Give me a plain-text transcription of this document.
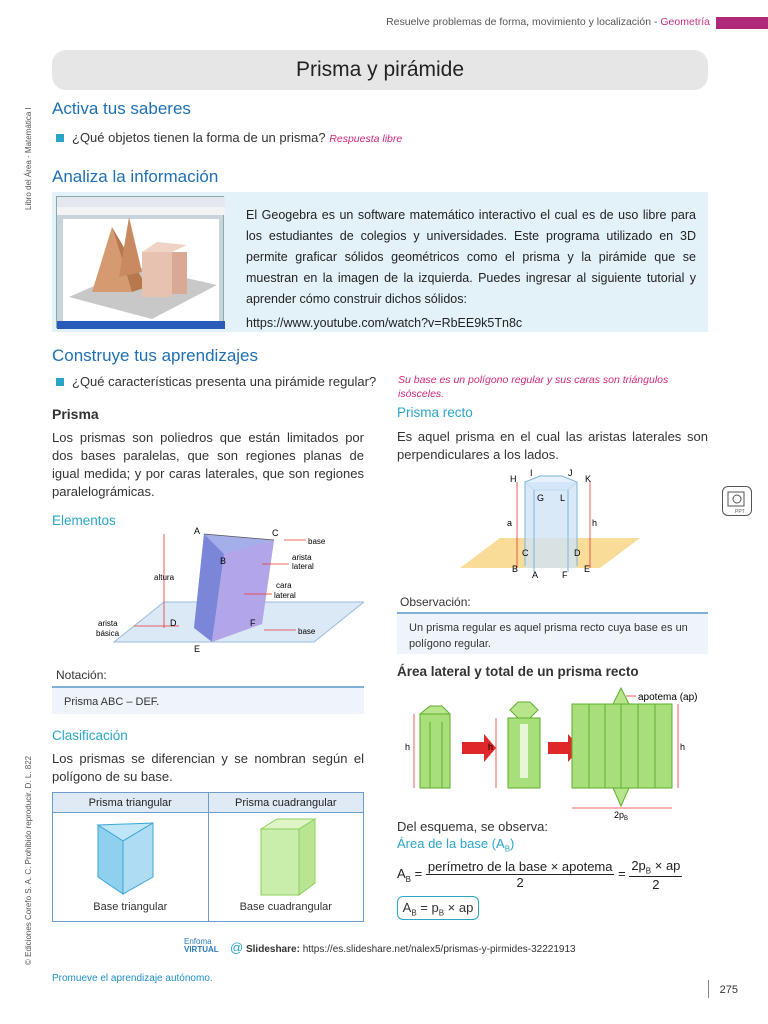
Resuelve problemas de forma, movimiento y localización - Geometría
Libro del Área - Matemática I
© Ediciones Corefo S. A. C. Prohibido reproducir. D. L. 822
Prisma y pirámide
Activa tus saberes
¿Qué objetos tienen la forma de un prisma? Respuesta libre
Analiza la información
El Geogebra es un software matemático interactivo el cual es de uso libre para los estudiantes de colegios y universidades. Este programa utilizado en 3D permite graficar sólidos geométricos como el prisma y la pirámide que se muestran en la imagen de la izquierda. Puedes ingresar al siguiente tutorial y aprender cómo construir dichos sólidos:
https://www.youtube.com/watch?v=RbEE9k5Tn8c
Construye tus aprendizajes
¿Qué características presenta una pirámide regular? Su base es un polígono regular y sus caras son triángulos isósceles.
Prisma
Los prismas son poliedros que están limitados por dos bases paralelas, que son regiones planas de igual medida; y por caras laterales, que son regiones paralelográmicas.
Elementos
A	C
B
D	F
E
base
arista
lateral
cara
lateral
altura
arista
básica	base
Notación:
Prisma ABC – DEF.
Clasificación
Los prismas se diferencian y se nombran según el polígono de su base.
Prisma triangular	Prisma cuadrangular
Base triangular	Base cuadrangular
Prisma recto
Es aquel prisma en el cual las aristas laterales son perpendiculares a los lados.
H
I	J
K
G L
a	h
C	D
B
A	F
E
Observación:
Un prisma regular es aquel prisma recto cuya base es un polígono regular.
Área lateral y total de un prisma recto
h	h	h
apotema (ap)
$2p_B$
Del esquema, se observa:
Área de la base $(A_B)$
$A_B = \frac{\text{perímetro de la base × apotema}}{2} = \frac{2p_B \times ap}{2}$
$A_B = p_B$ × ap
PPT
Enfoma
VIRTUAL @ Slideshare: https://es.slideshare.net/nalex5/prismas-y-pirmides-32221913
Promueve el aprendizaje autónomo.
275
